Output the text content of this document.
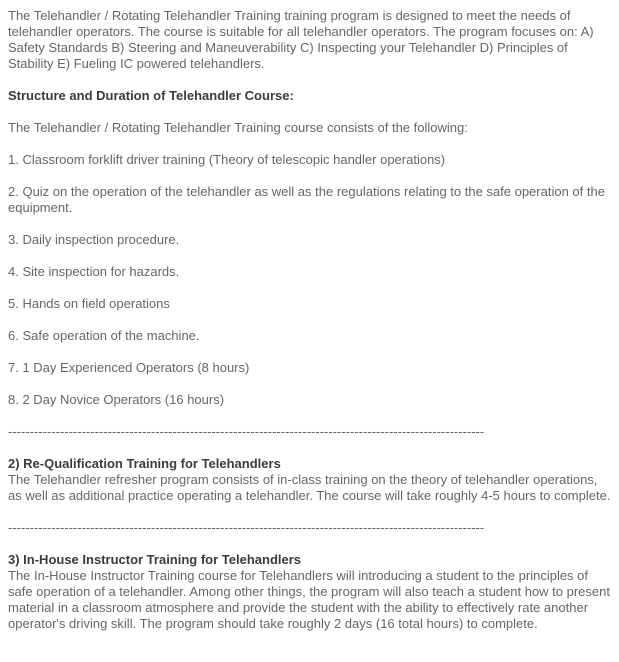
The Telehandler / Rotating Telehandler Training training program is designed to meet the needs of telehandler operators. The course is suitable for all telehandler operators. The program focuses on: A) Safety Standards B) Steering and Maneuverability C) Inspecting your Telehandler D) Principles of Stability E) Fueling IC powered telehandlers.

Structure and Duration of Telehandler Course:

The Telehandler / Rotating Telehandler Training course consists of the following:

1. Classroom forklift driver training (Theory of telescopic handler operations)

2. Quiz on the operation of the telehandler as well as the regulations relating to the safe operation of the equipment.

3. Daily inspection procedure.

4. Site inspection for hazards.

5. Hands on field operations

6. Safe operation of the machine.

7. 1 Day Experienced Operators (8 hours)

8. 2 Day Novice Operators (16 hours)

--------------------------------------------------------------------------------------------------------------

2) Re-Qualification Training for Telehandlers
The Telehandler refresher program consists of in-class training on the theory of telehandler operations, as well as additional practice operating a telehandler. The course will take roughly 4-5 hours to complete.

--------------------------------------------------------------------------------------------------------------

3) In-House Instructor Training for Telehandlers
The In-House Instructor Training course for Telehandlers will introducing a student to the principles of safe operation of a telehandler. Among other things, the program will also teach a student how to present material in a classroom atmosphere and provide the student with the ability to effectively rate another operator's driving skill. The program should take roughly 2 days (16 total hours) to complete.
